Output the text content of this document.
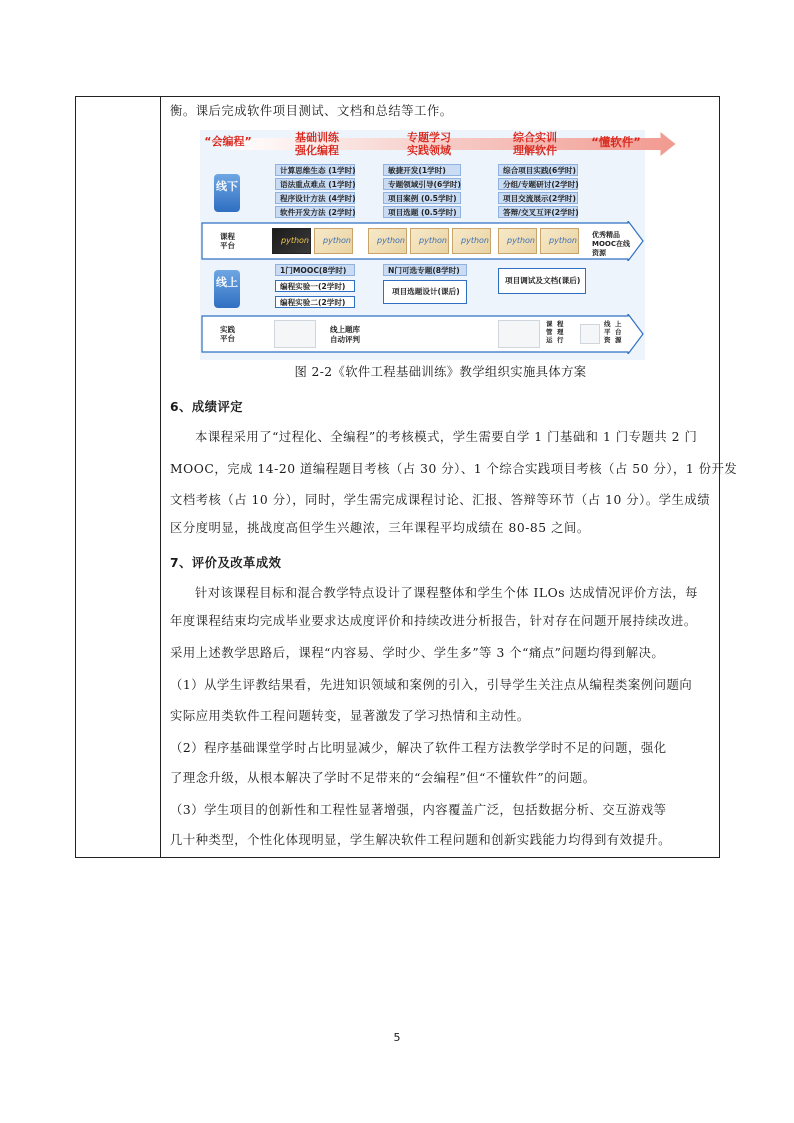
衡。课后完成软件项目测试、文档和总结等工作。
“会编程”	基础训练
强化编程
专题学习
实践领域
综合实训
理解软件
“懂软件”
线下
计算思维生态 (1学时)
语法重点难点 (1学时)
程序设计方法 (4学时)
软件开发方法 (2学时)
敏捷开发(1学时)
专题领域引导(6学时)
项目案例 (0.5学时)
项目选题 (0.5学时)
综合项目实践(6学时)
分组/专题研讨(2学时)
项目交流展示(2学时)
答辩/交叉互评(2学时)
课程平台
python python	python python python python python
优秀精品MOOC在线资源
线上
1门MOOC(8学时)
编程实验一(2学时)
编程实验二(2学时)
N门可选专题(8学时)
项目选题设计(课后)
项目调试及文档(课后)
实践平台
线上题库
自动评判
课 程
管 理
运 行
线 上
平 台
资 源
图 2-2《软件工程基础训练》教学组织实施具体方案
6、成绩评定
本课程采用了“过程化、全编程”的考核模式，学生需要自学 1 门基础和 1 门专题共 2 门
MOOC，完成 14-20 道编程题目考核（占 30 分）、1 个综合实践项目考核（占 50 分），1 份开发
文档考核（占 10 分），同时，学生需完成课程讨论、汇报、答辩等环节（占 10 分）。学生成绩
区分度明显，挑战度高但学生兴趣浓，三年课程平均成绩在 80-85 之间。
7、评价及改革成效
针对该课程目标和混合教学特点设计了课程整体和学生个体 ILOs 达成情况评价方法，每
年度课程结束均完成毕业要求达成度评价和持续改进分析报告，针对存在问题开展持续改进。
采用上述教学思路后，课程“内容易、学时少、学生多”等 3 个“痛点”问题均得到解决。
（1）从学生评教结果看，先进知识领域和案例的引入，引导学生关注点从编程类案例问题向
实际应用类软件工程问题转变，显著激发了学习热情和主动性。
（2）程序基础课堂学时占比明显减少，解决了软件工程方法教学学时不足的问题，强化
了理念升级，从根本解决了学时不足带来的“会编程”但“不懂软件”的问题。
（3）学生项目的创新性和工程性显著增强，内容覆盖广泛，包括数据分析、交互游戏等
几十种类型，个性化体现明显，学生解决软件工程问题和创新实践能力均得到有效提升。
5
